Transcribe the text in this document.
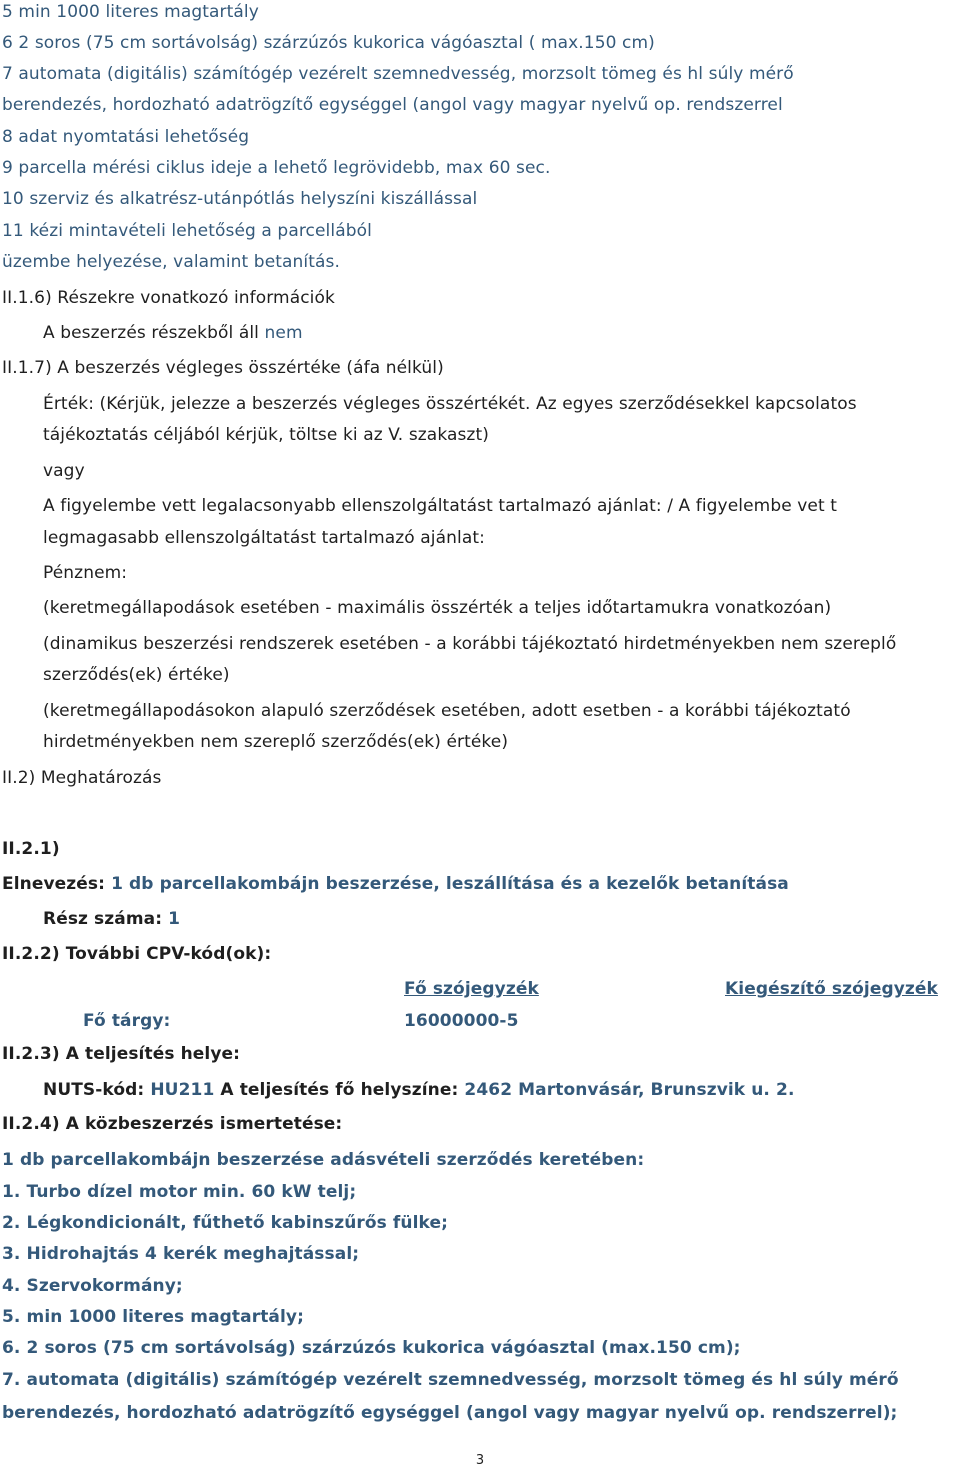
5 min 1000 literes magtartály
6 2 soros (75 cm sortávolság) szárzúzós kukorica vágóasztal ( max.150 cm)
7 automata (digitális) számítógép vezérelt szemnedvesség, morzsolt tömeg és hl súly mérő
berendezés, hordozható adatrögzítő egységgel (angol vagy magyar nyelvű op. rendszerrel
8 adat nyomtatási lehetőség
9 parcella mérési ciklus ideje a lehető legrövidebb, max 60 sec.
10 szerviz és alkatrész-utánpótlás helyszíni kiszállással
11 kézi mintavételi lehetőség a parcellából
üzembe helyezése, valamint betanítás.
II.1.6) Részekre vonatkozó információk
A beszerzés részekből áll nem
II.1.7) A beszerzés végleges összértéke (áfa nélkül)
Érték: (Kérjük, jelezze a beszerzés végleges összértékét. Az egyes szerződésekkel kapcsolatos
tájékoztatás céljából kérjük, töltse ki az V. szakaszt)
vagy
A figyelembe vett legalacsonyabb ellenszolgáltatást tartalmazó ajánlat: / A figyelembe vet t
legmagasabb ellenszolgáltatást tartalmazó ajánlat:
Pénznem:
(keretmegállapodások esetében - maximális összérték a teljes időtartamukra vonatkozóan)
(dinamikus beszerzési rendszerek esetében - a korábbi tájékoztató hirdetményekben nem szereplő
szerződés(ek) értéke)
(keretmegállapodásokon alapuló szerződések esetében, adott esetben - a korábbi tájékoztató
hirdetményekben nem szereplő szerződés(ek) értéke)
II.2) Meghatározás
II.2.1)
Elnevezés: 1 db parcellakombájn beszerzése, leszállítása és a kezelők betanítása
Rész száma: 1
II.2.2) További CPV-kód(ok):
Fő szójegyzék	Kiegészítő szójegyzék
Fő tárgy:	16000000-5
II.2.3) A teljesítés helye:
NUTS-kód: HU211 A teljesítés fő helyszíne: 2462 Martonvásár, Brunszvik u. 2.
II.2.4) A közbeszerzés ismertetése:
1 db parcellakombájn beszerzése adásvételi szerződés keretében:
1. Turbo dízel motor min. 60 kW telj;
2. Légkondicionált, fűthető kabinszűrős fülke;
3. Hidrohajtás 4 kerék meghajtással;
4. Szervokormány;
5. min 1000 literes magtartály;
6. 2 soros (75 cm sortávolság) szárzúzós kukorica vágóasztal (max.150 cm);
7. automata (digitális) számítógép vezérelt szemnedvesség, morzsolt tömeg és hl súly mérő
berendezés, hordozható adatrögzítő egységgel (angol vagy magyar nyelvű op. rendszerrel);
3
